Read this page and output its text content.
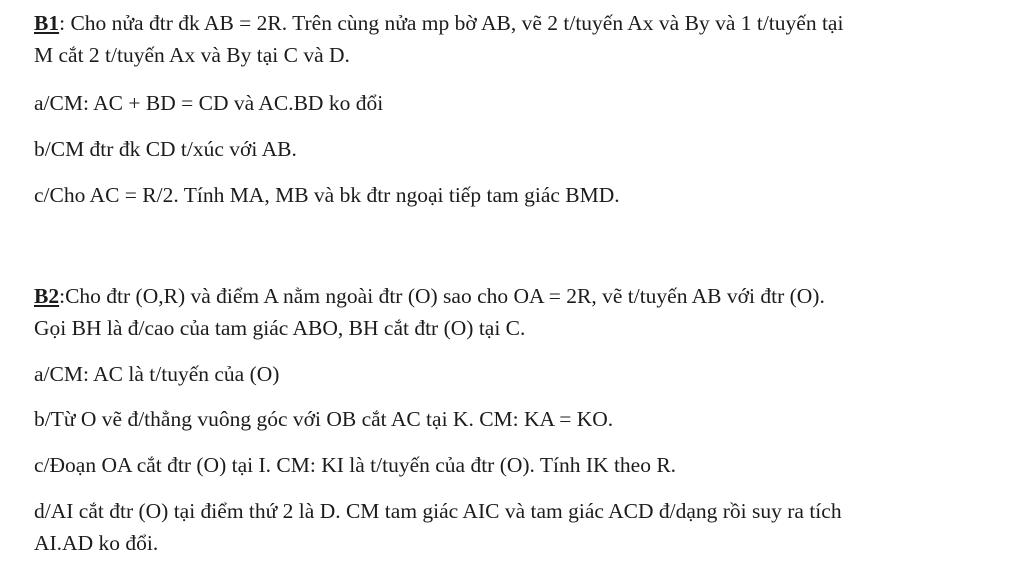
B1: Cho nửa đtr đk AB = 2R. Trên cùng nửa mp bờ AB, vẽ 2 t/tuyến Ax và By và 1 t/tuyến tại

M cắt 2 t/tuyến Ax và By tại C và D.

a/CM: AC + BD = CD và AC.BD ko đổi

b/CM đtr đk CD t/xúc với AB.

c/Cho AC = R/2. Tính MA, MB và bk đtr ngoại tiếp tam giác BMD.

B2:Cho đtr (O,R) và điểm A nằm ngoài đtr (O) sao cho OA = 2R, vẽ t/tuyến AB với đtr (O).

Gọi BH là đ/cao của tam giác ABO, BH cắt đtr (O) tại C.

a/CM: AC là t/tuyến của (O)

b/Từ O vẽ đ/thẳng vuông góc với OB cắt AC tại K. CM: KA = KO.

c/Đoạn OA cắt đtr (O) tại I. CM: KI là t/tuyến của đtr (O). Tính IK theo R.

d/AI cắt đtr (O) tại điểm thứ 2 là D. CM tam giác AIC và tam giác ACD đ/dạng rồi suy ra tích

AI.AD ko đổi.
